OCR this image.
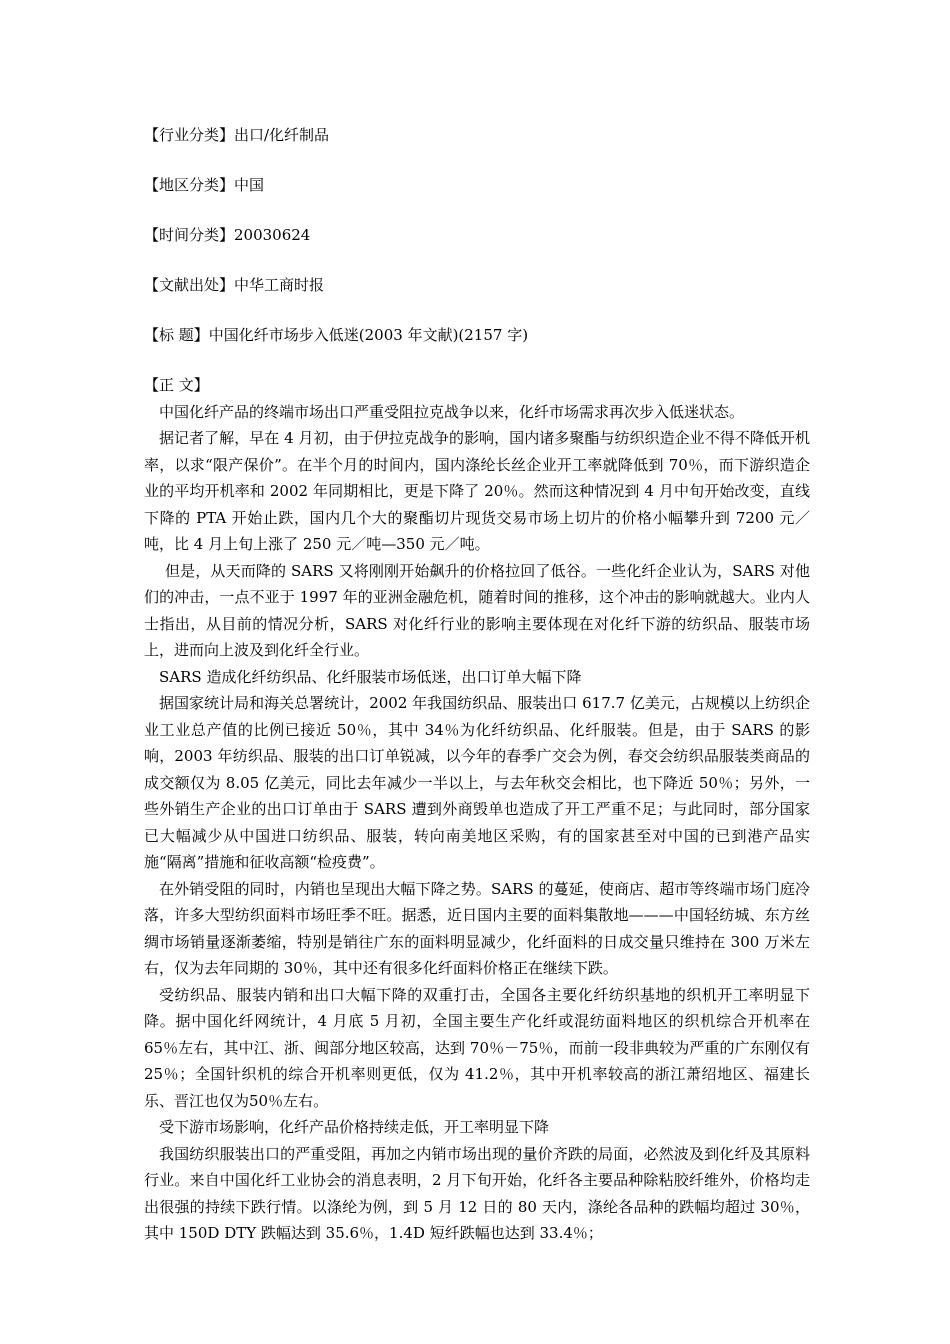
【行业分类】出口/化纤制品

【地区分类】中国

【时间分类】20030624

【文献出处】中华工商时报

【标 题】中国化纤市场步入低迷(2003 年文献)(2157 字)

【正 文】

中国化纤产品的终端市场出口严重受阻拉克战争以来，化纤市场需求再次步入低迷状态。

据记者了解，早在 4 月初，由于伊拉克战争的影响，国内诸多聚酯与纺织织造企业不得不降低开机率，以求“限产保价”。在半个月的时间内，国内涤纶长丝企业开工率就降低到 70％，而下游织造企业的平均开机率和 2002 年同期相比，更是下降了 20％。然而这种情况到 4 月中旬开始改变，直线下降的 PTA 开始止跌，国内几个大的聚酯切片现货交易市场上切片的价格小幅攀升到 7200 元／吨，比 4 月上旬上涨了 250 元／吨—350 元／吨。

但是，从天而降的 SARS 又将刚刚开始飙升的价格拉回了低谷。一些化纤企业认为，SARS 对他们的冲击，一点不亚于 1997 年的亚洲金融危机，随着时间的推移，这个冲击的影响就越大。业内人士指出，从目前的情况分析，SARS 对化纤行业的影响主要体现在对化纤下游的纺织品、服装市场上，进而向上波及到化纤全行业。

SARS 造成化纤纺织品、化纤服装市场低迷，出口订单大幅下降

据国家统计局和海关总署统计，2002 年我国纺织品、服装出口 617.7 亿美元，占规模以上纺织企业工业总产值的比例已接近 50％，其中 34％为化纤纺织品、化纤服装。但是，由于 SARS 的影响，2003 年纺织品、服装的出口订单锐减，以今年的春季广交会为例，春交会纺织品服装类商品的成交额仅为 8.05 亿美元，同比去年减少一半以上，与去年秋交会相比，也下降近 50％；另外，一些外销生产企业的出口订单由于 SARS 遭到外商毁单也造成了开工严重不足；与此同时，部分国家已大幅减少从中国进口纺织品、服装，转向南美地区采购，有的国家甚至对中国的已到港产品实施“隔离”措施和征收高额“检疫费”。

在外销受阻的同时，内销也呈现出大幅下降之势。SARS 的蔓延，使商店、超市等终端市场门庭冷落，许多大型纺织面料市场旺季不旺。据悉，近日国内主要的面料集散地———中国轻纺城、东方丝绸市场销量逐渐萎缩，特别是销往广东的面料明显减少，化纤面料的日成交量只维持在 300 万米左右，仅为去年同期的 30％，其中还有很多化纤面料价格正在继续下跌。

受纺织品、服装内销和出口大幅下降的双重打击，全国各主要化纤纺织基地的织机开工率明显下降。据中国化纤网统计，4 月底 5 月初，全国主要生产化纤或混纺面料地区的织机综合开机率在 65％左右，其中江、浙、闽部分地区较高，达到 70％－75％，而前一段非典较为严重的广东刚仅有 25％；全国针织机的综合开机率则更低，仅为 41.2％，其中开机率较高的浙江萧绍地区、福建长乐、晋江也仅为50％左右。

受下游市场影响，化纤产品价格持续走低，开工率明显下降

我国纺织服装出口的严重受阻，再加之内销市场出现的量价齐跌的局面，必然波及到化纤及其原料行业。来自中国化纤工业协会的消息表明，2 月下旬开始，化纤各主要品种除粘胶纤维外，价格均走出很强的持续下跌行情。以涤纶为例，到 5 月 12 日的 80 天内，涤纶各品种的跌幅均超过 30％，其中 150D DTY 跌幅达到 35.6％，1.4D 短纤跌幅也达到 33.4％；
